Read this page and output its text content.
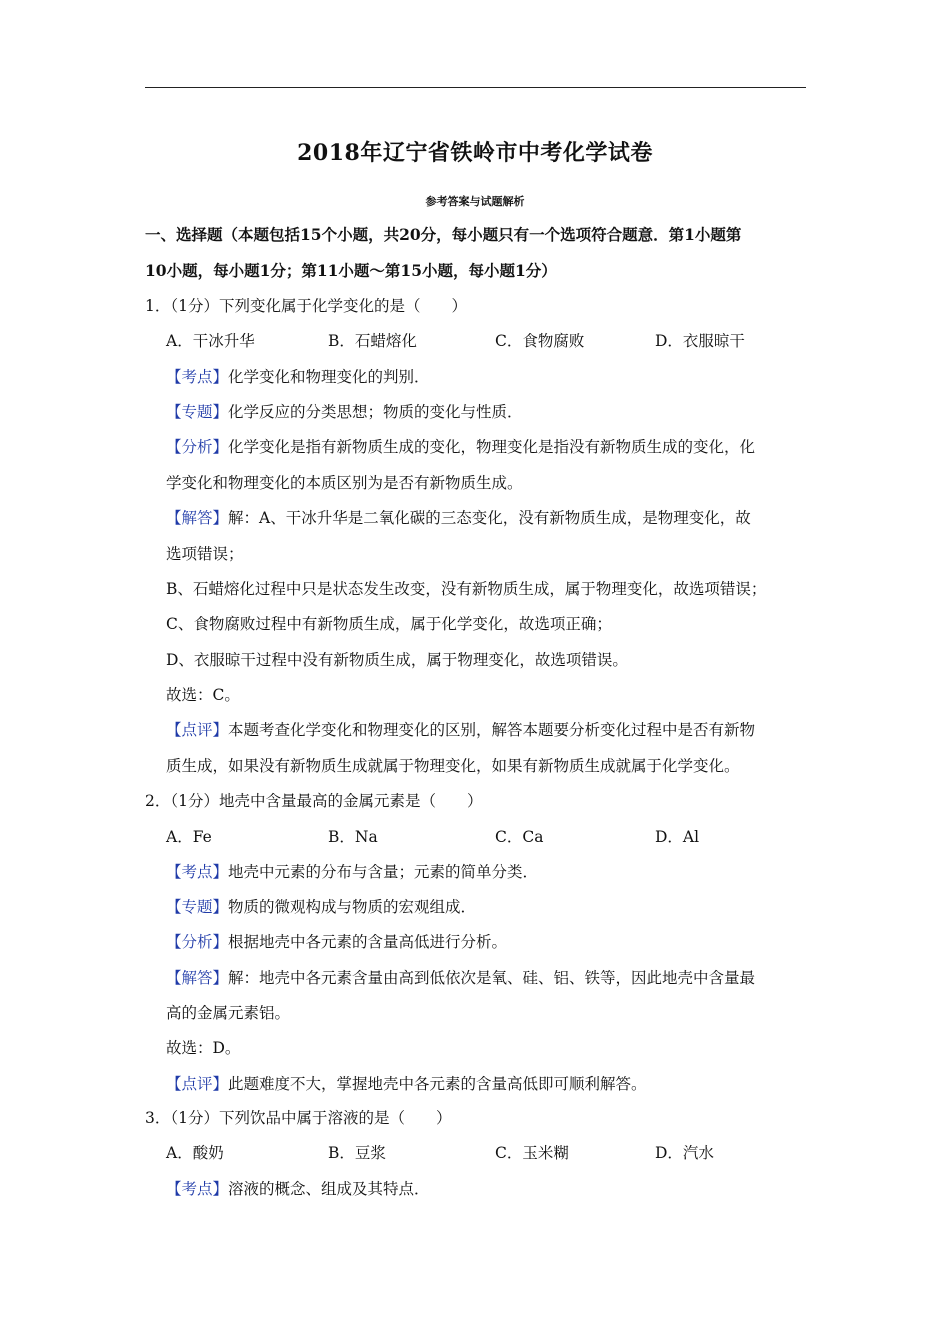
2018年辽宁省铁岭市中考化学试卷
参考答案与试题解析
一、选择题（本题包括15个小题，共20分，每小题只有一个选项符合题意．第1小题第
10小题，每小题1分；第11小题～第15小题，每小题1分）
1．（1分）下列变化属于化学变化的是（　　）
A．干冰升华	B．石蜡熔化	C．食物腐败	D．衣服晾干
【考点】化学变化和物理变化的判别．
【专题】化学反应的分类思想；物质的变化与性质．
【分析】化学变化是指有新物质生成的变化，物理变化是指没有新物质生成的变化，化
学变化和物理变化的本质区别为是否有新物质生成。
【解答】解：A、干冰升华是二氧化碳的三态变化，没有新物质生成，是物理变化，故
选项错误；
B、石蜡熔化过程中只是状态发生改变，没有新物质生成，属于物理变化，故选项错误；
C、食物腐败过程中有新物质生成，属于化学变化，故选项正确；
D、衣服晾干过程中没有新物质生成，属于物理变化，故选项错误。
故选：C。
【点评】本题考查化学变化和物理变化的区别，解答本题要分析变化过程中是否有新物
质生成，如果没有新物质生成就属于物理变化，如果有新物质生成就属于化学变化。
2．（1分）地壳中含量最高的金属元素是（　　）
A．Fe	B．Na	C．Ca	D．Al
【考点】地壳中元素的分布与含量；元素的简单分类．
【专题】物质的微观构成与物质的宏观组成．
【分析】根据地壳中各元素的含量高低进行分析。
【解答】解：地壳中各元素含量由高到低依次是氧、硅、铝、铁等，因此地壳中含量最
高的金属元素铝。
故选：D。
【点评】此题难度不大，掌握地壳中各元素的含量高低即可顺利解答。
3．（1分）下列饮品中属于溶液的是（　　）
A．酸奶	B．豆浆	C．玉米糊	D．汽水
【考点】溶液的概念、组成及其特点．
